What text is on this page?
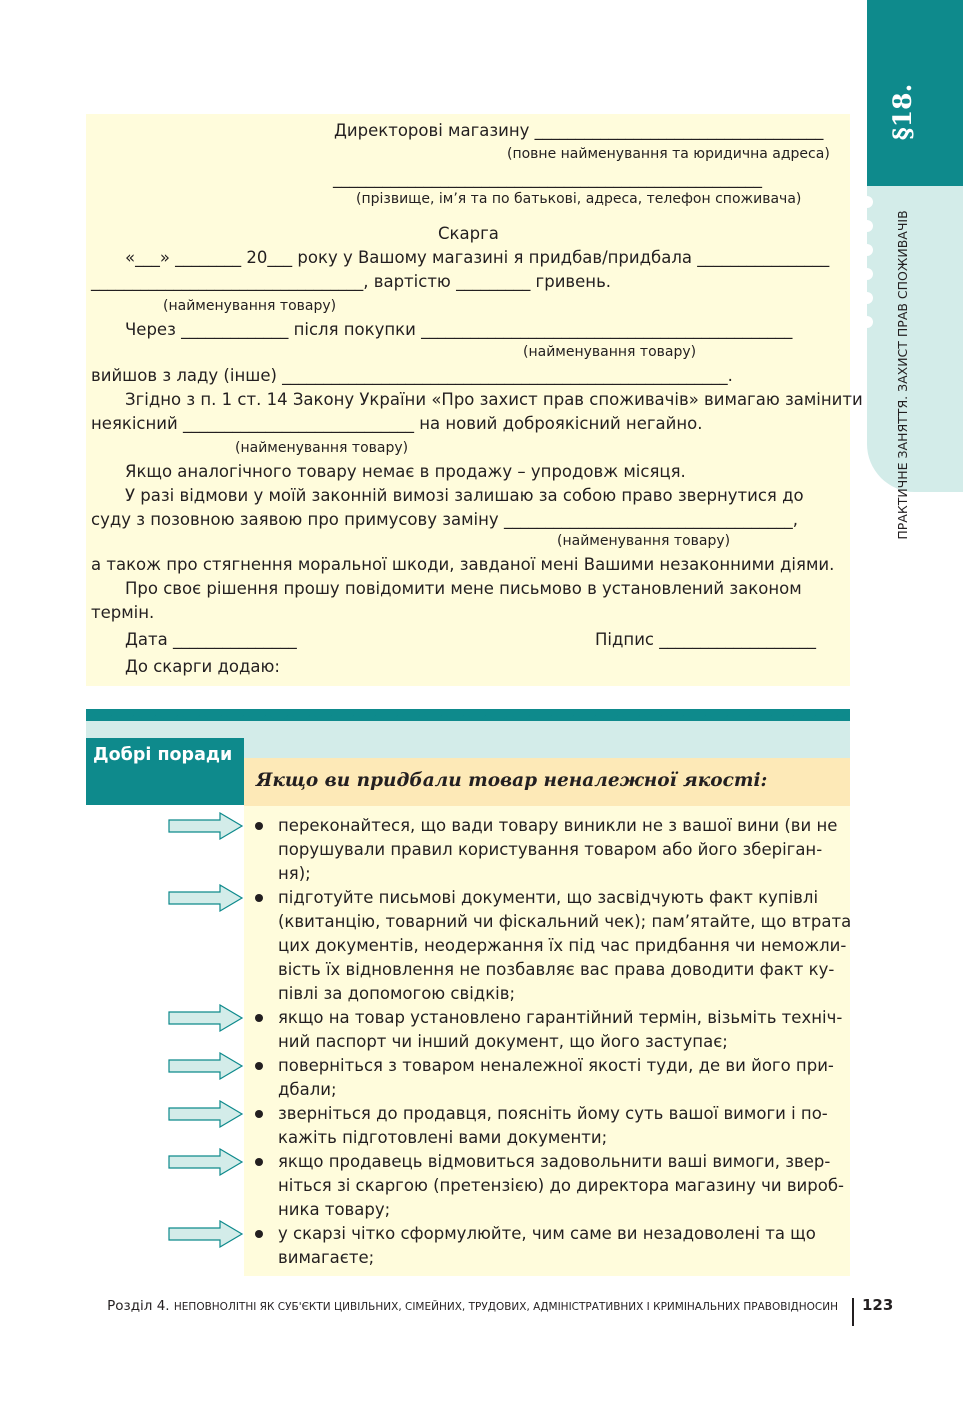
§18.
ПРАКТИЧНЕ ЗАНЯТТЯ. ЗАХИСТ ПРАВ СПОЖИВАЧІВ
Директорові магазину ___________________________________
(повне найменування та юридична адреса)
____________________________________________________
(прізвище, ім’я та по батькові, адреса, телефон споживача)
Скарга
«___» ________ 20___ року у Вашому магазині я придбав/придбала ________________
_________________________________, вартістю _________ гривень.
(найменування товару)
Через _____________ після покупки _____________________________________________
(найменування товару)
вийшов з ладу (інше) ______________________________________________________.
Згідно з п. 1 ст. 14 Закону України «Про захист прав споживачів» вимагаю замінити
неякісний ____________________________ на новий доброякісний негайно.
(найменування товару)
Якщо аналогічного товару немає в продажу – упродовж місяця.
У разі відмови у моїй законній вимозі залишаю за собою право звернутися до
суду з позовною заявою про примусову заміну ___________________________________,
(найменування товару)
а також про стягнення моральної шкоди, завданої мені Вашими незаконними діями.
Про своє рішення прошу повідомити мене письмово в установлений законом
термін.
Дата _______________	Підпис ___________________
До скарги додаю:
Добрі поради
Якщо ви придбали товар неналежної якості:
переконайтеся, що вади товару виникли не з вашої вини (ви не
порушували правил користування товаром або його зберіган-
ня);
підготуйте письмові документи, що засвідчують факт купівлі
(квитанцію, товарний чи фіскальний чек); пам’ятайте, що втрата
цих документів, неодержання їх під час придбання чи неможли-
вість їх відновлення не позбавляє вас права доводити факт ку-
півлі за допомогою свідків;
якщо на товар установлено гарантійний термін, візьміть техніч-
ний паспорт чи інший документ, що його заступає;
поверніться з товаром неналежної якості туди, де ви його при-
дбали;
зверніться до продавця, поясніть йому суть вашої вимоги і по-
кажіть підготовлені вами документи;
якщо продавець відмовиться задовольнити ваші вимоги, звер-
ніться зі скаргою (претензією) до директора магазину чи вироб-
ника товару;
у скарзі чітко сформулюйте, чим саме ви незадоволені та що
вимагаєте;
Розділ 4. НЕПОВНОЛІТНІ ЯК СУБ'ЄКТИ ЦИВІЛЬНИХ, СІМЕЙНИХ, ТРУДОВИХ, АДМІНІСТРАТИВНИХ І КРИМІНАЛЬНИХ ПРАВОВІДНОСИН 123
